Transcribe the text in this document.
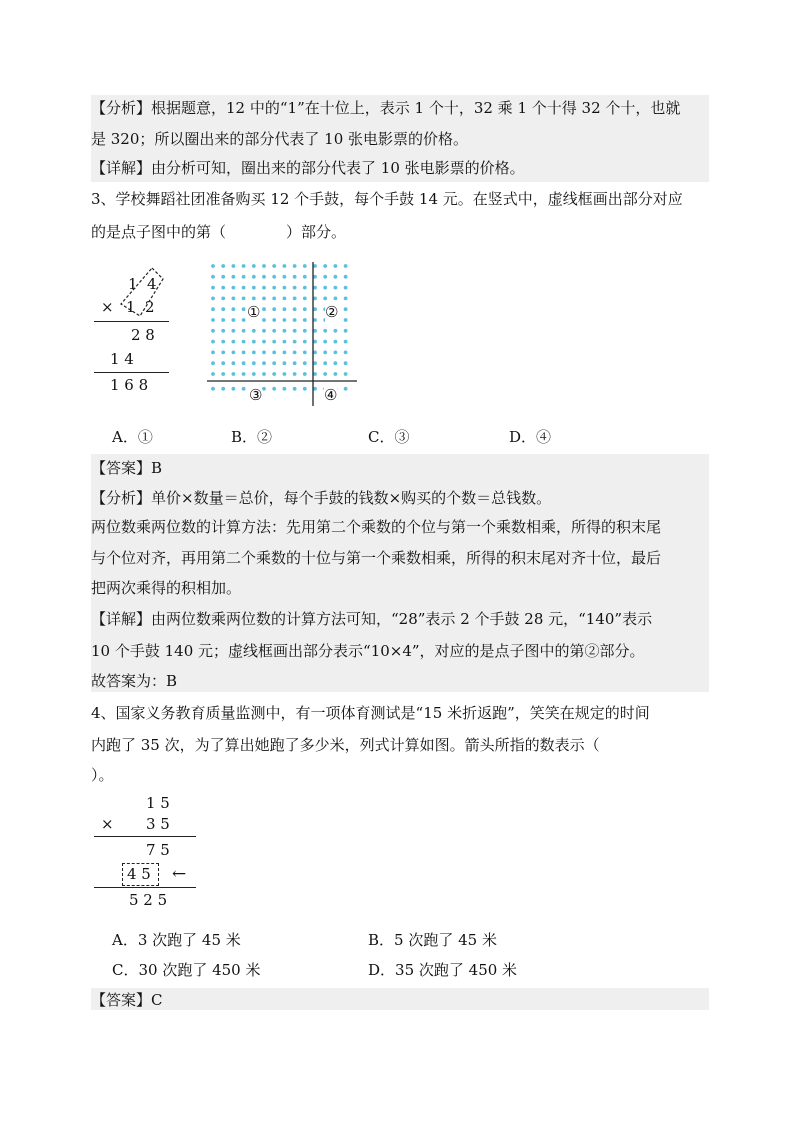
【分析】根据题意，12 中的“1”在十位上，表示 1 个十，32 乘 1 个十得 32 个十，也就
是 320；所以圈出来的部分代表了 10 张电影票的价格。
【详解】由分析可知，圈出来的部分代表了 10 张电影票的价格。
3、学校舞蹈社团准备购买 12 个手鼓，每个手鼓 14 元。在竖式中，虚线框画出部分对应
的是点子图中的第（　　　　）部分。
1 4
× 1 2
2 8
1 4
1 6 8
①	②
③	④
A．①	B．②	C．③	D．④
【答案】B
【分析】单价×数量＝总价，每个手鼓的钱数×购买的个数＝总钱数。
两位数乘两位数的计算方法：先用第二个乘数的个位与第一个乘数相乘，所得的积末尾
与个位对齐，再用第二个乘数的十位与第一个乘数相乘，所得的积末尾对齐十位，最后
把两次乘得的积相加。
【详解】由两位数乘两位数的计算方法可知，“28”表示 2 个手鼓 28 元，“140”表示
10 个手鼓 140 元；虚线框画出部分表示“10×4”，对应的是点子图中的第②部分。
故答案为：B
4、国家义务教育质量监测中，有一项体育测试是“15 米折返跑”，笑笑在规定的时间
内跑了 35 次，为了算出她跑了多少米，列式计算如图。箭头所指的数表示（
）。
1 5
× 3 5
7 5
4 5 ←
5 2 5
A．3 次跑了 45 米	B．5 次跑了 45 米
C．30 次跑了 450 米	D．35 次跑了 450 米
【答案】C
